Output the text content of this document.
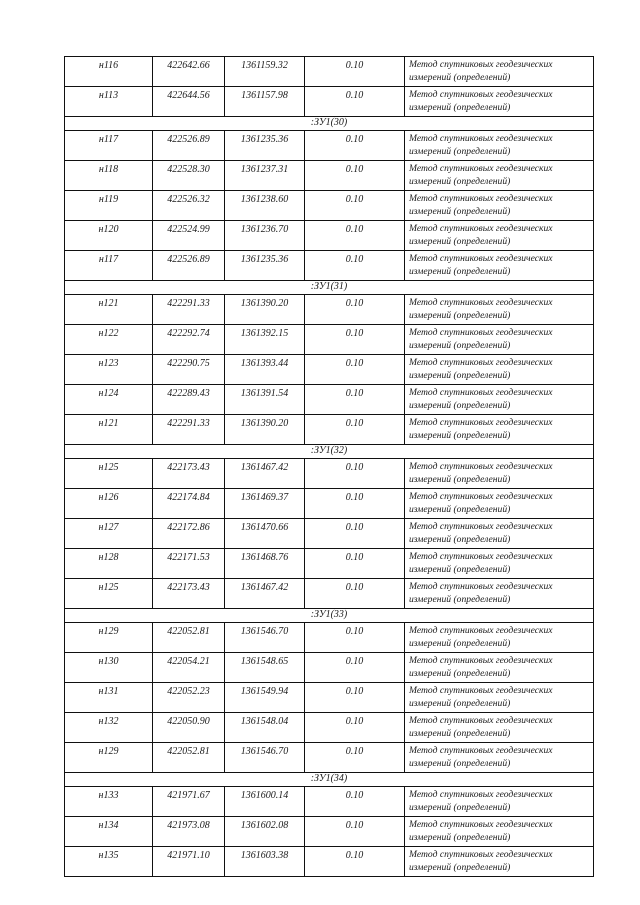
н116	422642.66	1361159.32	0.10	Метод спутниковых геодезических измерений (определений)
н113	422644.56	1361157.98	0.10	Метод спутниковых геодезических измерений (определений)
:ЗУ1(30)				
н117	422526.89	1361235.36	0.10	Метод спутниковых геодезических измерений (определений)
н118	422528.30	1361237.31	0.10	Метод спутниковых геодезических измерений (определений)
н119	422526.32	1361238.60	0.10	Метод спутниковых геодезических измерений (определений)
н120	422524.99	1361236.70	0.10	Метод спутниковых геодезических измерений (определений)
н117	422526.89	1361235.36	0.10	Метод спутниковых геодезических измерений (определений)
:ЗУ1(31)				
н121	422291.33	1361390.20	0.10	Метод спутниковых геодезических измерений (определений)
н122	422292.74	1361392.15	0.10	Метод спутниковых геодезических измерений (определений)
н123	422290.75	1361393.44	0.10	Метод спутниковых геодезических измерений (определений)
н124	422289.43	1361391.54	0.10	Метод спутниковых геодезических измерений (определений)
н121	422291.33	1361390.20	0.10	Метод спутниковых геодезических измерений (определений)
:ЗУ1(32)				
н125	422173.43	1361467.42	0.10	Метод спутниковых геодезических измерений (определений)
н126	422174.84	1361469.37	0.10	Метод спутниковых геодезических измерений (определений)
н127	422172.86	1361470.66	0.10	Метод спутниковых геодезических измерений (определений)
н128	422171.53	1361468.76	0.10	Метод спутниковых геодезических измерений (определений)
н125	422173.43	1361467.42	0.10	Метод спутниковых геодезических измерений (определений)
:ЗУ1(33)				
н129	422052.81	1361546.70	0.10	Метод спутниковых геодезических измерений (определений)
н130	422054.21	1361548.65	0.10	Метод спутниковых геодезических измерений (определений)
н131	422052.23	1361549.94	0.10	Метод спутниковых геодезических измерений (определений)
н132	422050.90	1361548.04	0.10	Метод спутниковых геодезических измерений (определений)
н129	422052.81	1361546.70	0.10	Метод спутниковых геодезических измерений (определений)
:ЗУ1(34)				
н133	421971.67	1361600.14	0.10	Метод спутниковых геодезических измерений (определений)
н134	421973.08	1361602.08	0.10	Метод спутниковых геодезических измерений (определений)
н135	421971.10	1361603.38	0.10	Метод спутниковых геодезических измерений (определений)
